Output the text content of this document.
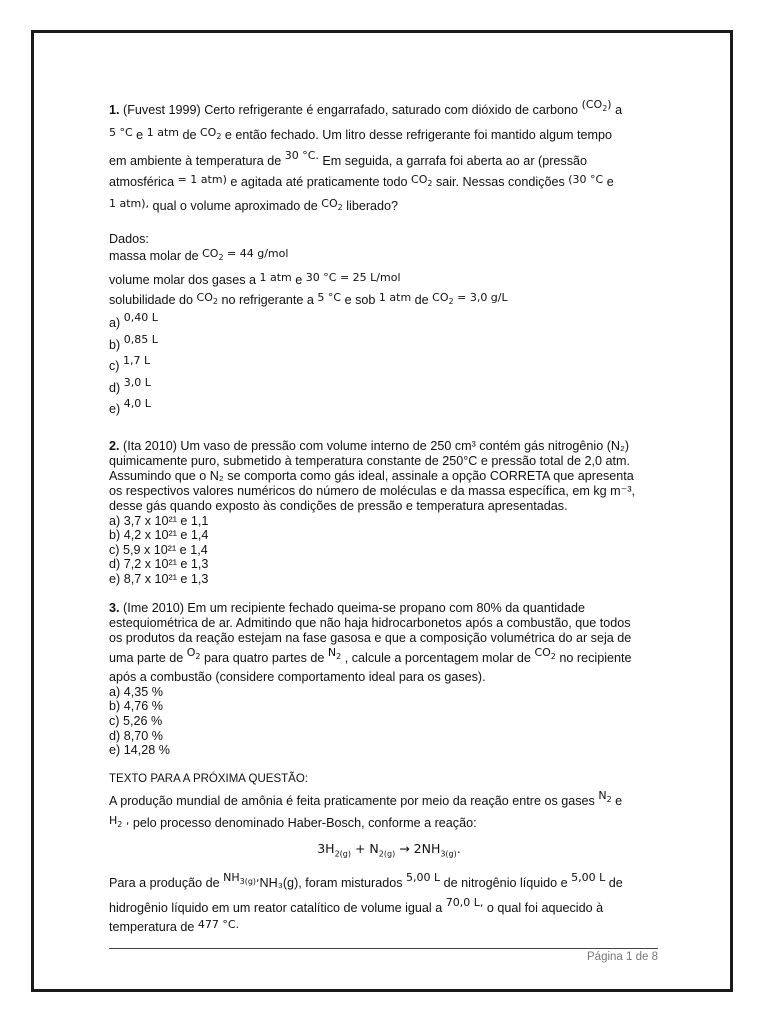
1. (Fuvest 1999) Certo refrigerante é engarrafado, saturado com dióxido de carbono $(CO_2)$ a

5 °C e 1 atm de $CO_2$ e então fechado. Um litro desse refrigerante foi mantido algum tempo

em ambiente à temperatura de 30 °C. Em seguida, a garrafa foi aberta ao ar (pressão

atmosférica = 1 atm) e agitada até praticamente todo $CO_2$ sair. Nessas condições (30 °C e

1 atm), qual o volume aproximado de $CO_2$ liberado?

Dados:

massa molar de $CO_2 = 44$ g/mol

volume molar dos gases a 1 atm e 30 °C = 25 L/mol

solubilidade do $CO_2$ no refrigerante a 5 °C e sob 1 atm de $CO_2 = 3,0$ g/L

a) 0,40 L

b) 0,85 L

c) 1,7 L

d) 3,0 L

e) 4,0 L

2. (Ita 2010) Um vaso de pressão com volume interno de 250 cm³ contém gás nitrogênio (N₂)

quimicamente puro, submetido à temperatura constante de 250°C e pressão total de 2,0 atm.

Assumindo que o N₂ se comporta como gás ideal, assinale a opção CORRETA que apresenta

os respectivos valores numéricos do número de moléculas e da massa específica, em kg m⁻³,

desse gás quando exposto às condições de pressão e temperatura apresentadas.

a) 3,7 x 10²¹ e 1,1

b) 4,2 x 10²¹ e 1,4

c) 5,9 x 10²¹ e 1,4

d) 7,2 x 10²¹ e 1,3

e) 8,7 x 10²¹ e 1,3

3. (Ime 2010) Em um recipiente fechado queima-se propano com 80% da quantidade

estequiométrica de ar. Admitindo que não haja hidrocarbonetos após a combustão, que todos

os produtos da reação estejam na fase gasosa e que a composição volumétrica do ar seja de

uma parte de $O_2$ para quatro partes de $N_2$ , calcule a porcentagem molar de $CO_2$ no recipiente

após a combustão (considere comportamento ideal para os gases).

a) 4,35 %

b) 4,76 %

c) 5,26 %

d) 8,70 %

e) 14,28 %

TEXTO PARA A PRÓXIMA QUESTÃO:

A produção mundial de amônia é feita praticamente por meio da reação entre os gases $N_2$ e

$H_2$ , pelo processo denominado Haber-Bosch, conforme a reação:

$3H_{2(g)} + N_{2(g)} \to 2NH_{3(g)}$.

Para a produção de $NH_{3(g)},NH_3(g)$, foram misturados 5,00 L de nitrogênio líquido e 5,00 L de

hidrogênio líquido em um reator catalítico de volume igual a 70,0 L, o qual foi aquecido à

temperatura de 477 °C.

Página 1 de 8
